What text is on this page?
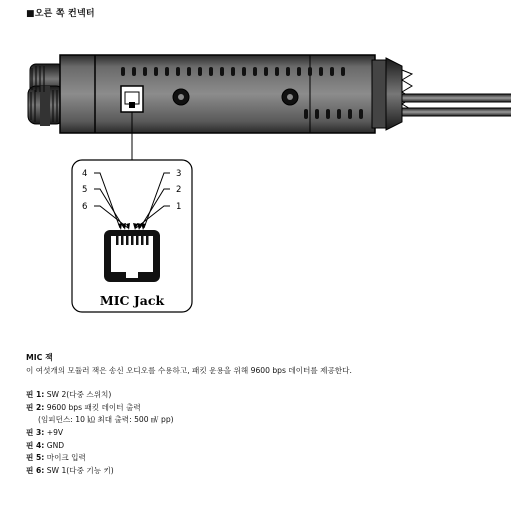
■오른 쪽 컨넥터
4
5
6
3
2
1
MIC Jack
MIC 잭
이 여섯개의 모듈러 잭은 송신 오디오를 수용하고, 패킷 운용을 위해 9600 bps 데이터를 제공한다.
핀 1: SW 2(다중 스위치)
핀 2: 9600 bps 패킷 데이터 출력
(임피던스: 10 ㏀ 최대 출력: 500 ㎷ pp)
핀 3: +9V
핀 4: GND
핀 5: 마이크 입력
핀 6: SW 1(다중 기능 키)
